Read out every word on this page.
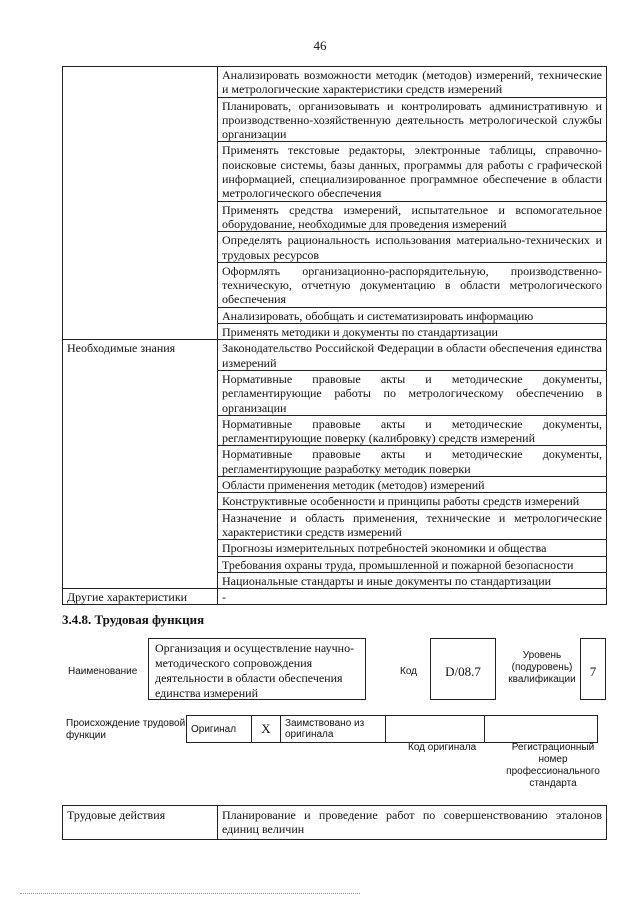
46
	Анализировать возможности методик (методов) измерений, технические и метрологические характеристики средств измерений
	Планировать, организовывать и контролировать административную и производственно-хозяйственную деятельность метрологической службы организации
	Применять текстовые редакторы, электронные таблицы, справочно-поисковые системы, базы данных, программы для работы с графической информацией, специализированное программное обеспечение в области метрологического обеспечения
	Применять средства измерений, испытательное и вспомогательное оборудование, необходимые для проведения измерений
	Определять рациональность использования материально-технических и трудовых ресурсов
	Оформлять организационно-распорядительную, производственно-техническую, отчетную документацию в области метрологического обеспечения
	Анализировать, обобщать и систематизировать информацию
	Применять методики и документы по стандартизации
Необходимые знания	Законодательство Российской Федерации в области обеспечения единства измерений
	Нормативные правовые акты и методические документы, регламентирующие работы по метрологическому обеспечению в организации
	Нормативные правовые акты и методические документы, регламентирующие поверку (калибровку) средств измерений
	Нормативные правовые акты и методические документы, регламентирующие разработку методик поверки
	Области применения методик (методов) измерений
	Конструктивные особенности и принципы работы средств измерений
	Назначение и область применения, технические и метрологические характеристики средств измерений
	Прогнозы измерительных потребностей экономики и общества
	Требования охраны труда, промышленной и пожарной безопасности
	Национальные стандарты и иные документы по стандартизации
Другие характеристики	-
3.4.8. Трудовая функция
Наименование
Организация и осуществление научно-методического сопровождения деятельности в области обеспечения единства измерений
Код	D/08.7
Уровень (подуровень) квалификации
7
Происхождение трудовой функции
Оригинал	X	Заимствовано из оригинала		
Код оригинала	Регистрационный номер профессионального стандарта
Трудовые действия	Планирование и проведение работ по совершенствованию эталонов единиц величин
